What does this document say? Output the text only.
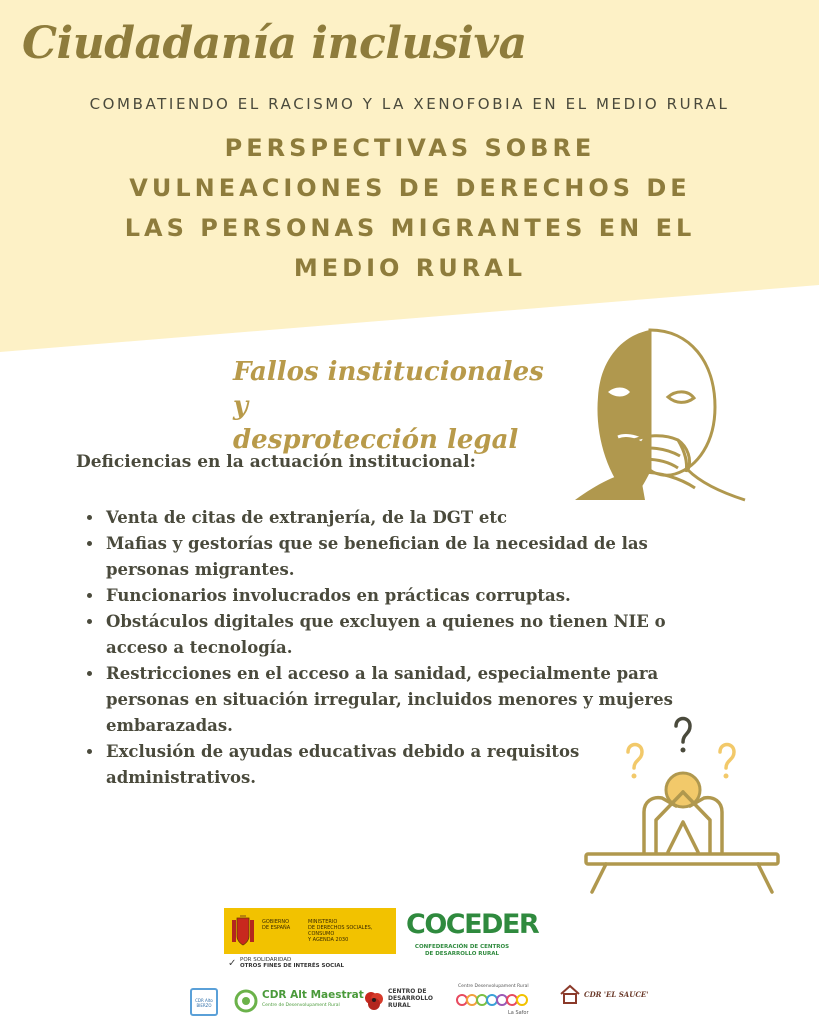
Ciudadanía inclusiva
COMBATIENDO EL RACISMO Y LA XENOFOBIA EN EL MEDIO RURAL
PERSPECTIVAS SOBRE
VULNEACIONES DE DERECHOS DE
LAS PERSONAS MIGRANTES EN EL
MEDIO RURAL
Fallos institucionales y
desprotección legal
Deficiencias en la actuación institucional:
• Venta de citas de extranjería, de la DGT etc
• Mafias y gestorías que se benefician de la necesidad de las personas migrantes.
• Funcionarios involucrados en prácticas corruptas.
• Obstáculos digitales que excluyen a quienes no tienen NIE o acceso a tecnología.
• Restricciones en el acceso a la sanidad, especialmente para personas en situación irregular, incluidos menores y mujeres embarazadas.
• Exclusión de ayudas educativas debido a requisitos administrativos.
GOBIERNO
DE ESPAÑA
MINISTERIO
DE DERECHOS SOCIALES, CONSUMO
Y AGENDA 2030
✓ POR SOLIDARIDAD
OTROS FINES DE INTERÉS SOCIAL
COCEDER
CONFEDERACIÓN DE CENTROS
DE DESARROLLO RURAL
CDR Alto BIERZO
CDR Alt Maestrat
Centre de Desenvolupament Rural
CENTRO DE
DESARROLLO
RURAL
Centre Desenvolupament Rural
La Safor
CDR 'EL SAUCE'
